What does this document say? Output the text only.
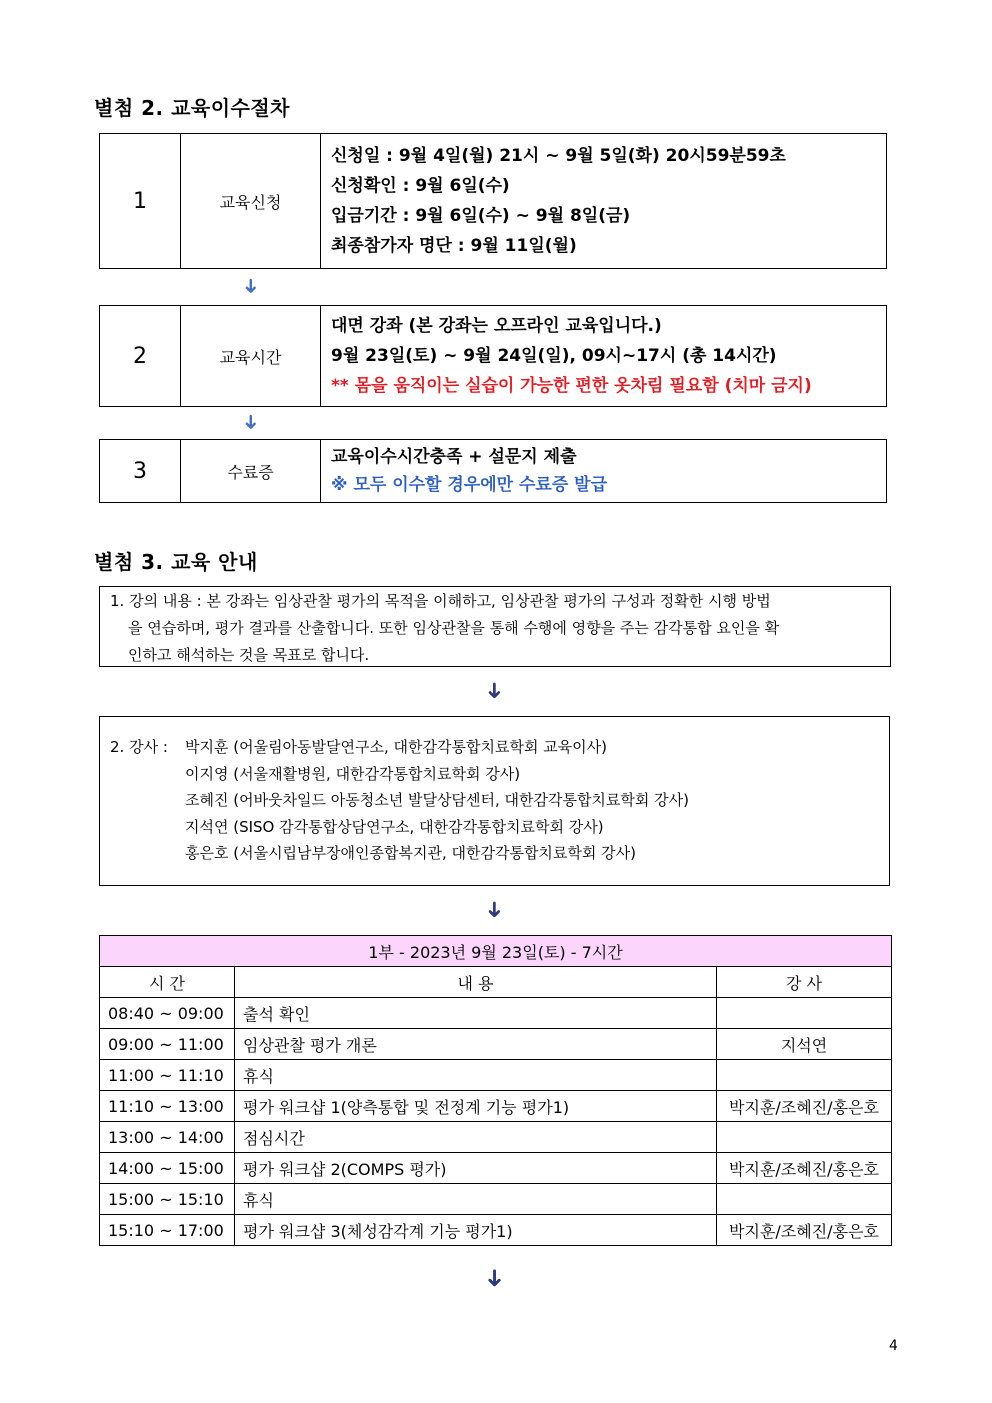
별첨 2. 교육이수절차
1	교육신청	
신청일 : 9월 4일(월) 21시 ~ 9월 5일(화) 20시59분59초
신청확인 : 9월 6일(수)
입금기간 : 9월 6일(수) ~ 9월 8일(금)
최종참가자 명단 : 9월 11일(월)
➜
2	교육시간	
대면 강좌 (본 강좌는 오프라인 교육입니다.)
9월 23일(토) ~ 9월 24일(일), 09시~17시 (총 14시간)
** 몸을 움직이는 실습이 가능한 편한 옷차림 필요함 (치마 금지)
➜
3	수료증	
교육이수시간충족 + 설문지 제출
※ 모두 이수할 경우에만 수료증 발급
별첨 3. 교육 안내
1. 강의 내용 : 본 강좌는 임상관찰 평가의 목적을 이해하고, 임상관찰 평가의 구성과 정확한 시행 방법
을 연습하며, 평가 결과를 산출합니다. 또한 임상관찰을 통해 수행에 영향을 주는 감각통합 요인을 확
인하고 해석하는 것을 목표로 합니다.
➜
2. 강사 : 박지훈 (어울림아동발달연구소, 대한감각통합치료학회 교육이사)
이지영 (서울재활병원, 대한감각통합치료학회 강사)
조혜진 (어바웃차일드 아동청소년 발달상담센터, 대한감각통합치료학회 강사)
지석연 (SISO 감각통합상담연구소, 대한감각통합치료학회 강사)
홍은호 (서울시립남부장애인종합복지관, 대한감각통합치료학회 강사)
➜
1부 - 2023년 9월 23일(토) - 7시간		
시 간	내 용	강 사
08:40 ~ 09:00	출석 확인	
09:00 ~ 11:00	임상관찰 평가 개론	지석연
11:00 ~ 11:10	휴식	
11:10 ~ 13:00	평가 워크샵 1(양측통합 및 전정계 기능 평가1)	박지훈/조혜진/홍은호
13:00 ~ 14:00	점심시간	
14:00 ~ 15:00	평가 워크샵 2(COMPS 평가)	박지훈/조혜진/홍은호
15:00 ~ 15:10	휴식	
15:10 ~ 17:00	평가 워크샵 3(체성감각계 기능 평가1)	박지훈/조혜진/홍은호
➜
4
